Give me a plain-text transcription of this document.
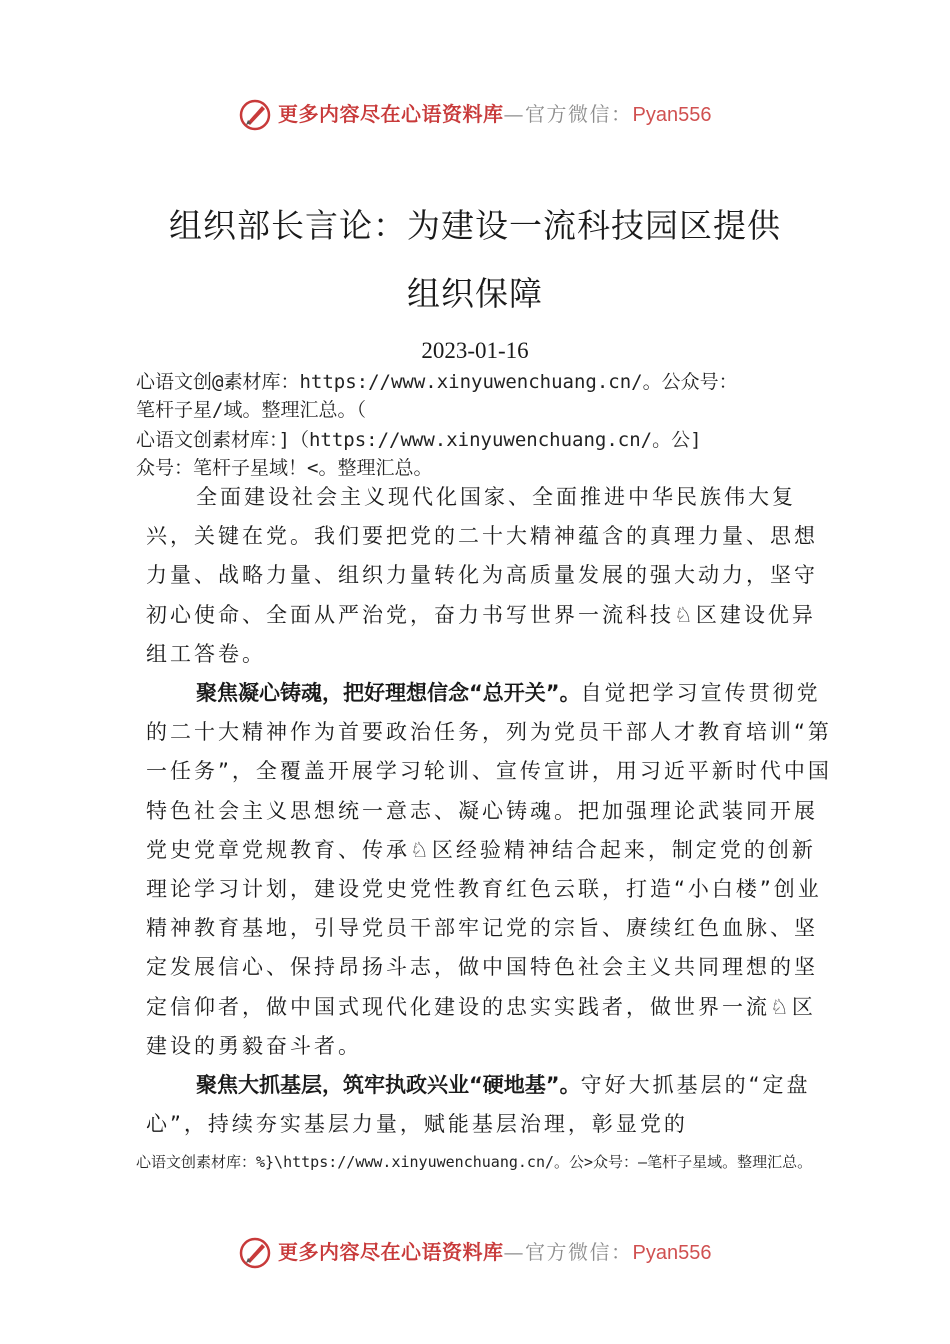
更多内容尽在心语资料库—官方微信：Pyan556
组织部长言论：为建设一流科技园区提供
组织保障
2023-01-16
心语文创@素材库：https://www.xinyuwenchuang.cn/。公众号：
笔杆子星/域。整理汇总。（
心语文创素材库：]（https://www.xinyuwenchuang.cn/。公]
众号：笔杆子星域！<。整理汇总。

全面建设社会主义现代化国家、全面推进中华民族伟大复兴，关键在党。我们要把党的二十大精神蕴含的真理力量、思想力量、战略力量、组织力量转化为高质量发展的强大动力，坚守初心使命、全面从严治党，奋力书写世界一流科技♘区建设优异组工答卷。

聚焦凝心铸魂，把好理想信念“总开关”。自觉把学习宣传贯彻党的二十大精神作为首要政治任务，列为党员干部人才教育培训“第一任务”，全覆盖开展学习轮训、宣传宣讲，用习近平新时代中国特色社会主义思想统一意志、凝心铸魂。把加强理论武装同开展党史党章党规教育、传承♘区经验精神结合起来，制定党的创新理论学习计划，建设党史党性教育红色云联，打造“小白楼”创业精神教育基地，引导党员干部牢记党的宗旨、赓续红色血脉、坚定发展信心、保持昂扬斗志，做中国特色社会主义共同理想的坚定信仰者，做中国式现代化建设的忠实实践者，做世界一流♘区建设的勇毅奋斗者。

聚焦大抓基层，筑牢执政兴业“硬地基”。守好大抓基层的“定盘心”，持续夯实基层力量，赋能基层治理，彰显党的

心语文创素材库：%}\https://www.xinyuwenchuang.cn/。公>众号：—笔杆子星域。整理汇总。
更多内容尽在心语资料库—官方微信：Pyan556
